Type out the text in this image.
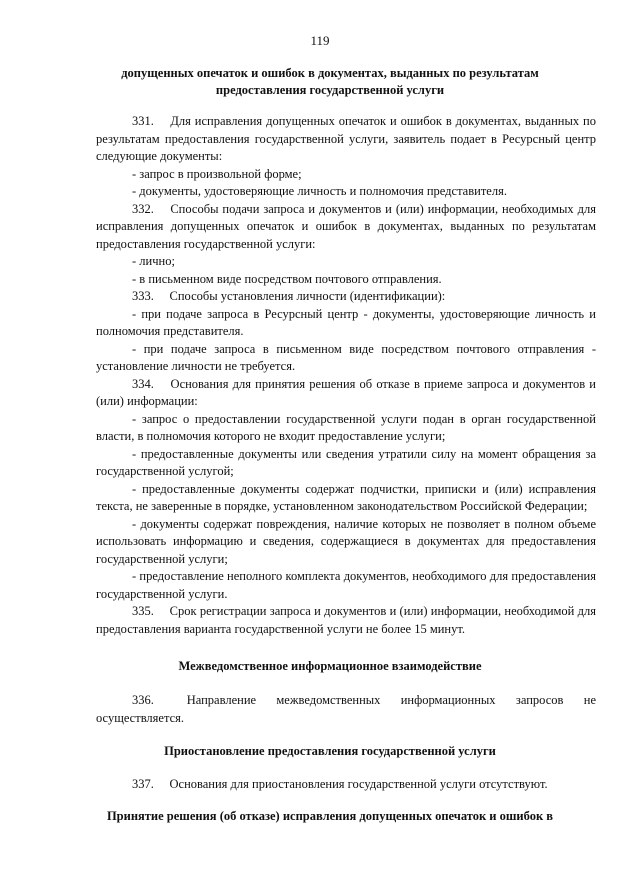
119
допущенных опечаток и ошибок в документах, выданных по результатам предоставления государственной услуги

331.  Для исправления допущенных опечаток и ошибок в документах, выданных по результатам предоставления государственной услуги, заявитель подает в Ресурсный центр следующие документы:

- запрос в произвольной форме;

- документы, удостоверяющие личность и полномочия представителя.

332.  Способы подачи запроса и документов и (или) информации, необходимых для исправления допущенных опечаток и ошибок в документах, выданных по результатам предоставления государственной услуги:

- лично;

- в письменном виде посредством почтового отправления.

333.  Способы установления личности (идентификации):

- при подаче запроса в Ресурсный центр - документы, удостоверяющие личность и полномочия представителя.

- при подаче запроса в письменном виде посредством почтового отправления - установление личности не требуется.

334.  Основания для принятия решения об отказе в приеме запроса и документов и (или) информации:

- запрос о предоставлении государственной услуги подан в орган государственной власти, в полномочия которого не входит предоставление услуги;

- предоставленные документы или сведения утратили силу на момент обращения за государственной услугой;

- предоставленные документы содержат подчистки, приписки и (или) исправления текста, не заверенные в порядке, установленном законодательством Российской Федерации;

- документы содержат повреждения, наличие которых не позволяет в полном объеме использовать информацию и сведения, содержащиеся в документах для предоставления государственной услуги;

- предоставление неполного комплекта документов, необходимого для предоставления государственной услуги.

335.  Срок регистрации запроса и документов и (или) информации, необходимой для предоставления варианта государственной услуги не более 15 минут.

Межведомственное информационное взаимодействие

336.  Направление межведомственных информационных запросов не осуществляется.

Приостановление предоставления государственной услуги

337.  Основания для приостановления государственной услуги отсутствуют.

Принятие решения (об отказе) исправления допущенных опечаток и ошибок в
